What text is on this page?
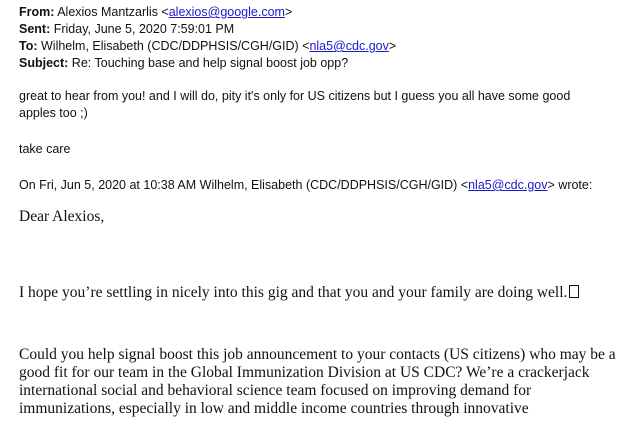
From: Alexios Mantzarlis <alexios@google.com>
Sent: Friday, June 5, 2020 7:59:01 PM
To: Wilhelm, Elisabeth (CDC/DDPHSIS/CGH/GID) <nla5@cdc.gov>
Subject: Re: Touching base and help signal boost job opp?
great to hear from you! and I will do, pity it's only for US citizens but I guess you all have some good
apples too ;)
take care
On Fri, Jun 5, 2020 at 10:38 AM Wilhelm, Elisabeth (CDC/DDPHSIS/CGH/GID) <nla5@cdc.gov> wrote:
Dear Alexios,
I hope you’re settling in nicely into this gig and that you and your family are doing well.
Could you help signal boost this job announcement to your contacts (US citizens) who may be a
good fit for our team in the Global Immunization Division at US CDC? We’re a crackerjack
international social and behavioral science team focused on improving demand for
immunizations, especially in low and middle income countries through innovative
